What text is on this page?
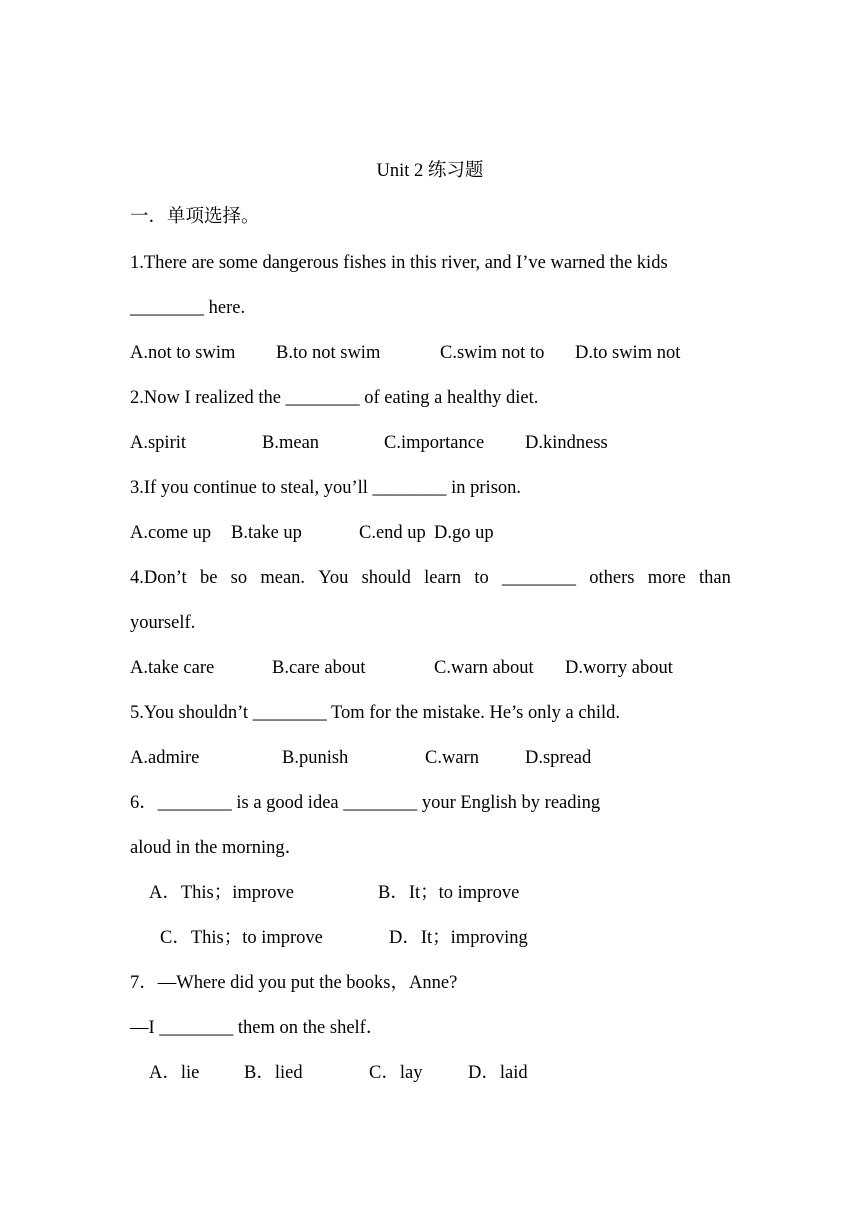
Unit 2 练习题
一．单项选择。
1.There are some dangerous fishes in this river, and I’ve warned the kids
________ here.
A.not to swim B.to not swim	C.swim not to D.to swim not
2.Now I realized the ________ of eating a healthy diet.
A.spirit	B.mean	C.importance D.kindness
3.If you continue to steal, you’ll ________ in prison.
A.come up B.take up	C.end up D.go up
4.Don’t be so mean. You should learn to ________ others more than
yourself.
A.take care	B.care about	C.warn about D.worry about
5.You shouldn’t ________ Tom for the mistake. He’s only a child.
A.admire	B.punish	C.warn D.spread
6．________ is a good idea ________ your English by reading
aloud in the morning．
A．This；improve	B．It；to improve
C．This；to improve	D．It；improving
7．—Where did you put the books，Anne?
—I ________ them on the shelf．
A．lie B．lied	C．lay D．laid
